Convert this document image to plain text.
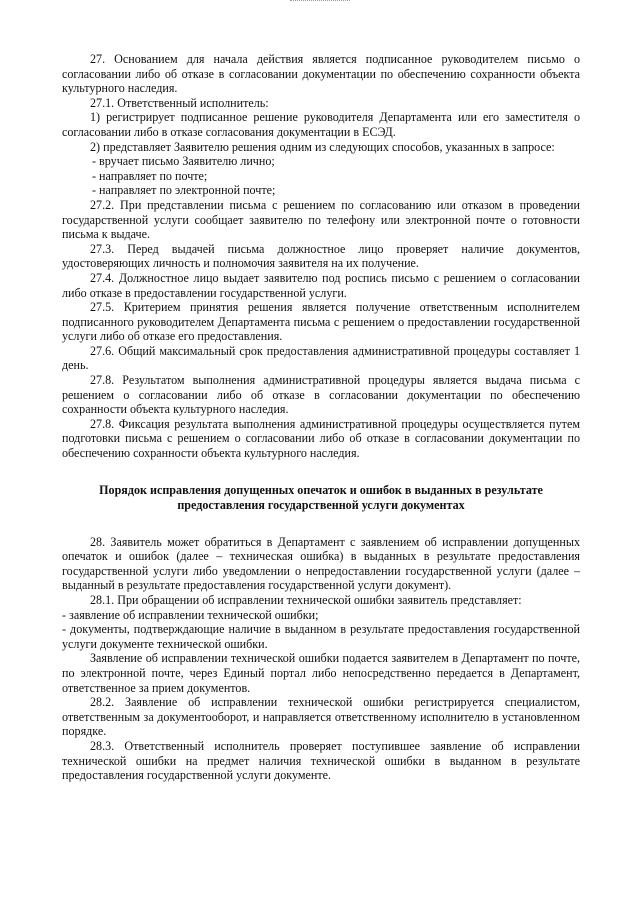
27. Основанием для начала действия является подписанное руководителем письмо о согласовании либо об отказе в согласовании документации по обеспечению сохранности объекта культурного наследия.

27.1. Ответственный исполнитель:

1) регистрирует подписанное решение руководителя Департамента или его заместителя о согласовании либо в отказе согласования документации в ЕСЭД.

2) представляет Заявителю решения одним из следующих способов, указанных в запросе:

- вручает письмо Заявителю лично;

- направляет по почте;

- направляет по электронной почте;

27.2. При представлении письма с решением по согласованию или отказом в проведении государственной услуги сообщает заявителю по телефону или электронной почте о готовности письма к выдаче.

27.3. Перед выдачей письма должностное лицо проверяет наличие документов, удостоверяющих личность и полномочия заявителя на их получение.

27.4. Должностное лицо выдает заявителю под роспись письмо с решением о согласовании либо отказе в предоставлении государственной услуги.

27.5. Критерием принятия решения является получение ответственным исполнителем подписанного руководителем Департамента письма с решением о предоставлении государственной услуги либо об отказе его предоставления.

27.6. Общий максимальный срок предоставления административной процедуры составляет 1 день.

27.8. Результатом выполнения административной процедуры является выдача письма с решением о согласовании либо об отказе в согласовании документации по обеспечению сохранности объекта культурного наследия.

27.8. Фиксация результата выполнения административной процедуры осуществляется путем подготовки письма с решением о согласовании либо об отказе в согласовании документации по обеспечению сохранности объекта культурного наследия.

Порядок исправления допущенных опечаток и ошибок в выданных в результате
предоставления государственной услуги документах

28. Заявитель может обратиться в Департамент с заявлением об исправлении допущенных опечаток и ошибок (далее – техническая ошибка) в выданных в результате предоставления государственной услуги либо уведомлении о непредоставлении государственной услуги (далее – выданный в результате предоставления государственной услуги документ).

28.1. При обращении об исправлении технической ошибки заявитель представляет:

- заявление об исправлении технической ошибки;

- документы, подтверждающие наличие в выданном в результате предоставления государственной услуги документе технической ошибки.

Заявление об исправлении технической ошибки подается заявителем в Департамент по почте, по электронной почте, через Единый портал либо непосредственно передается в Департамент, ответственное за прием документов.

28.2. Заявление об исправлении технической ошибки регистрируется специалистом, ответственным за документооборот, и направляется ответственному исполнителю в установленном порядке.

28.3. Ответственный исполнитель проверяет поступившее заявление об исправлении технической ошибки на предмет наличия технической ошибки в выданном в результате предоставления государственной услуги документе.
